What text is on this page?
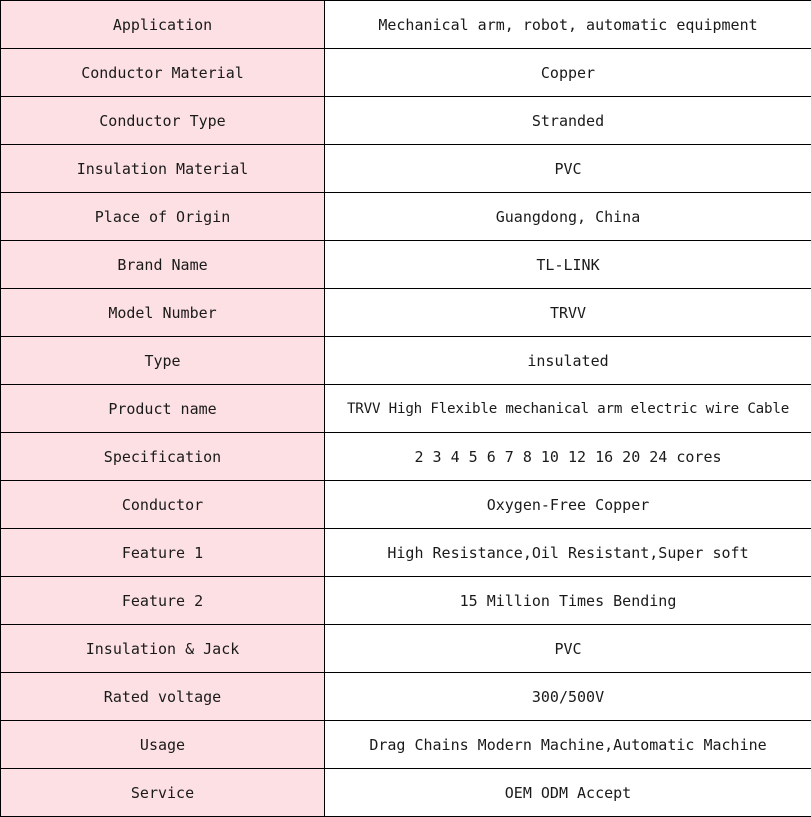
Application	Mechanical arm, robot, automatic equipment
Conductor Material	Copper
Conductor Type	Stranded
Insulation Material	PVC
Place of Origin	Guangdong, China
Brand Name	TL-LINK
Model Number	TRVV
Type	insulated
Product name	TRVV High Flexible mechanical arm electric wire Cable
Specification	2 3 4 5 6 7 8 10 12 16 20 24 cores
Conductor	Oxygen-Free Copper
Feature 1	High Resistance,Oil Resistant,Super soft
Feature 2	15 Million Times Bending
Insulation & Jack	PVC
Rated voltage	300/500V
Usage	Drag Chains Modern Machine,Automatic Machine
Service	OEM ODM Accept
